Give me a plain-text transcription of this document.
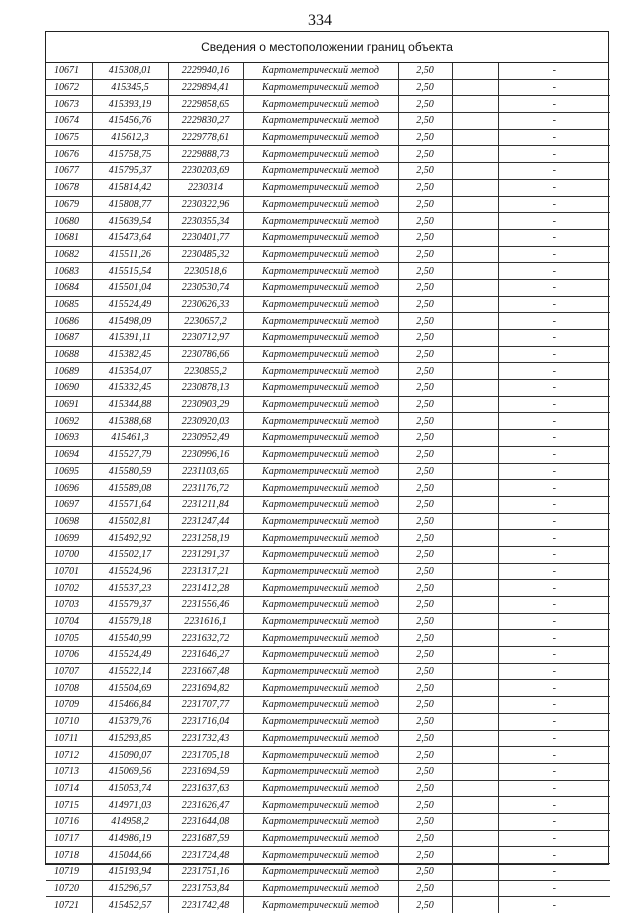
334
Сведения о местоположении границ объекта
10671	415308,01	2229940,16	Картометрический метод	2,50		-
10672	415345,5	2229894,41	Картометрический метод	2,50		-
10673	415393,19	2229858,65	Картометрический метод	2,50		-
10674	415456,76	2229830,27	Картометрический метод	2,50		-
10675	415612,3	2229778,61	Картометрический метод	2,50		-
10676	415758,75	2229888,73	Картометрический метод	2,50		-
10677	415795,37	2230203,69	Картометрический метод	2,50		-
10678	415814,42	2230314	Картометрический метод	2,50		-
10679	415808,77	2230322,96	Картометрический метод	2,50		-
10680	415639,54	2230355,34	Картометрический метод	2,50		-
10681	415473,64	2230401,77	Картометрический метод	2,50		-
10682	415511,26	2230485,32	Картометрический метод	2,50		-
10683	415515,54	2230518,6	Картометрический метод	2,50		-
10684	415501,04	2230530,74	Картометрический метод	2,50		-
10685	415524,49	2230626,33	Картометрический метод	2,50		-
10686	415498,09	2230657,2	Картометрический метод	2,50		-
10687	415391,11	2230712,97	Картометрический метод	2,50		-
10688	415382,45	2230786,66	Картометрический метод	2,50		-
10689	415354,07	2230855,2	Картометрический метод	2,50		-
10690	415332,45	2230878,13	Картометрический метод	2,50		-
10691	415344,88	2230903,29	Картометрический метод	2,50		-
10692	415388,68	2230920,03	Картометрический метод	2,50		-
10693	415461,3	2230952,49	Картометрический метод	2,50		-
10694	415527,79	2230996,16	Картометрический метод	2,50		-
10695	415580,59	2231103,65	Картометрический метод	2,50		-
10696	415589,08	2231176,72	Картометрический метод	2,50		-
10697	415571,64	2231211,84	Картометрический метод	2,50		-
10698	415502,81	2231247,44	Картометрический метод	2,50		-
10699	415492,92	2231258,19	Картометрический метод	2,50		-
10700	415502,17	2231291,37	Картометрический метод	2,50		-
10701	415524,96	2231317,21	Картометрический метод	2,50		-
10702	415537,23	2231412,28	Картометрический метод	2,50		-
10703	415579,37	2231556,46	Картометрический метод	2,50		-
10704	415579,18	2231616,1	Картометрический метод	2,50		-
10705	415540,99	2231632,72	Картометрический метод	2,50		-
10706	415524,49	2231646,27	Картометрический метод	2,50		-
10707	415522,14	2231667,48	Картометрический метод	2,50		-
10708	415504,69	2231694,82	Картометрический метод	2,50		-
10709	415466,84	2231707,77	Картометрический метод	2,50		-
10710	415379,76	2231716,04	Картометрический метод	2,50		-
10711	415293,85	2231732,43	Картометрический метод	2,50		-
10712	415090,07	2231705,18	Картометрический метод	2,50		-
10713	415069,56	2231694,59	Картометрический метод	2,50		-
10714	415053,74	2231637,63	Картометрический метод	2,50		-
10715	414971,03	2231626,47	Картометрический метод	2,50		-
10716	414958,2	2231644,08	Картометрический метод	2,50		-
10717	414986,19	2231687,59	Картометрический метод	2,50		-
10718	415044,66	2231724,48	Картометрический метод	2,50		-
10719	415193,94	2231751,16	Картометрический метод	2,50		-
10720	415296,57	2231753,84	Картометрический метод	2,50		-
10721	415452,57	2231742,48	Картометрический метод	2,50		-
